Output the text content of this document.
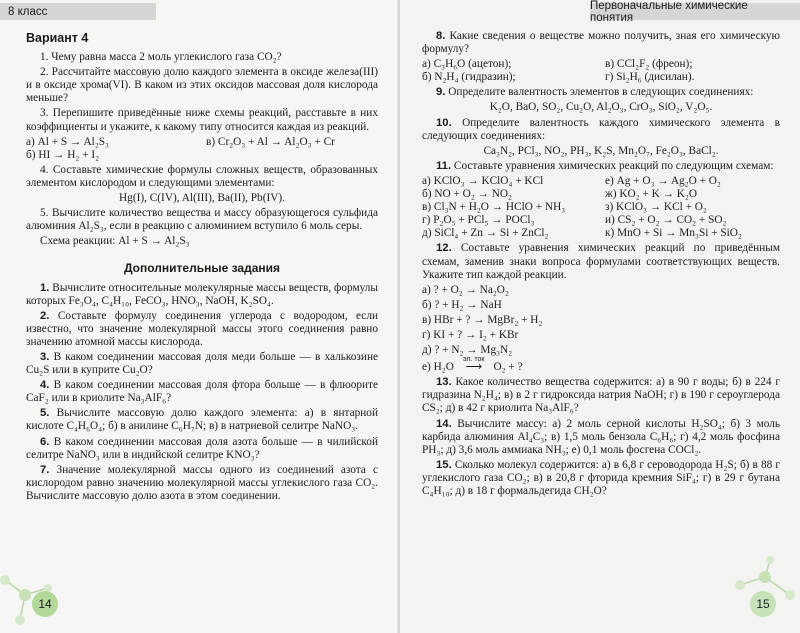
8 класс
Вариант 4

1. Чему равна масса 2 моль углекислого газа CO₂?

2. Рассчитайте массовую долю каждого элемента в оксиде железа(III) и в оксиде хрома(VI). В каком из этих оксидов массовая доля кислорода меньше?

3. Перепишите приведённые ниже схемы реакций, расставьте в них коэффициенты и укажите, к какому типу относится каждая из реакций.

а) Al + S → Al₂S₃	в) Cr₂O₃ + Al → Al₂O₃ + Cr
б) HI → H₂ + I₂

4. Составьте химические формулы сложных веществ, образованных элементом кислородом и следующими элементами:

Hg(I), C(IV), Al(III), Ba(II), Pb(IV).

5. Вычислите количество вещества и массу образующегося сульфида алюминия Al₂S₃, если в реакцию с алюминием вступило 6 моль серы.

Схема реакции: Al + S → Al₂S₃

Дополнительные задания

1. Вычислите относительные молекулярные массы веществ, формулы которых Fe₃O₄, C₄H₁₀, FeCO₃, HNO₃, NaOH, K₂SO₄.

2. Составьте формулу соединения углерода с водородом, если известно, что значение молекулярной массы этого соединения равно значению атомной массы кислорода.

3. В каком соединении массовая доля меди больше — в халькозине Cu₂S или в куприте Cu₂O?

4. В каком соединении массовая доля фтора больше — в флюорите CaF₂ или в криолите Na₃AlF₆?

5. Вычислите массовую долю каждого элемента: а) в янтарной кислоте C₄H₆O₄; б) в анилине C₆H₇N; в) в натриевой селитре NaNO₃.

6. В каком соединении массовая доля азота больше — в чилийской селитре NaNO₃ или в индийской селитре KNO₃?

7. Значение молекулярной массы одного из соединений азота с кислородом равно значению молекулярной массы углекислого газа CO₂. Вычислите массовую долю азота в этом соединении.

14
Первоначальные химические понятия

8. Какие сведения о веществе можно получить, зная его химическую формулу?

а) C₃H₆O (ацетон);	в) CCl₂F₂ (фреон);
б) N₂H₄ (гидразин);	г) Si₂H₆ (дисилан).

9. Определите валентность элементов в следующих соединениях:

K₂O, BaO, SO₂, Cu₂O, Al₂O₃, CrO₃, SiO₂, V₂O₅.

10. Определите валентность каждого химического элемента в следующих соединениях:

Ca₃N₂, PCl₃, NO₂, PH₃, K₂S, Mn₂O₇, Fe₂O₃, BaCl₂.

11. Составьте уравнения химических реакций по следующим схемам:

а) KClO₃ → KClO₄ + KCl	е) Ag + O₃ → Ag₂O + O₂
б) NO + O₂ → NO₂	ж) KO₂ + K → K₂O
в) Cl₃N + H₂O → HClO + NH₃	з) KClO₃ → KCl + O₂
г) P₂O₅ + PCl₅ → POCl₃	и) CS₂ + O₂ → CO₂ + SO₂
д) SiCl₄ + Zn → Si + ZnCl₂	к) MnO + Si → Mn₃Si + SiO₂

12. Составьте уравнения химических реакций по приведённым схемам, заменив знаки вопроса формулами соответствующих веществ. Укажите тип каждой реакции.

а) ? + O₂ → Na₂O₂

б) ? + H₂ → NaH

в) HBr + ? → MgBr₂ + H₂

г) KI + ? → I₂ + KBr

д) ? + N₂ → Mg₃N₂

е) H₂O
эл. ток
⟶ O₂ + ?

13. Какое количество вещества содержится: а) в 90 г воды; б) в 224 г гидразина N₂H₄; в) в 2 г гидроксида натрия NaOH; г) в 190 г сероуглерода CS₂; д) в 42 г криолита Na₃AlF₆?

14. Вычислите массу: а) 2 моль серной кислоты H₂SO₄; б) 3 моль карбида алюминия Al₄C₃; в) 1,5 моль бензола C₆H₆; г) 4,2 моль фосфина PH₃; д) 3,6 моль аммиака NH₃; е) 0,1 моль фосгена COCl₂.

15. Сколько молекул содержится: а) в 6,8 г сероводорода H₂S; б) в 88 г углекислого газа CO₂; в) в 20,8 г фторида кремния SiF₄; г) в 29 г бутана C₄H₁₀; д) в 18 г формальдегида CH₂O?

15
